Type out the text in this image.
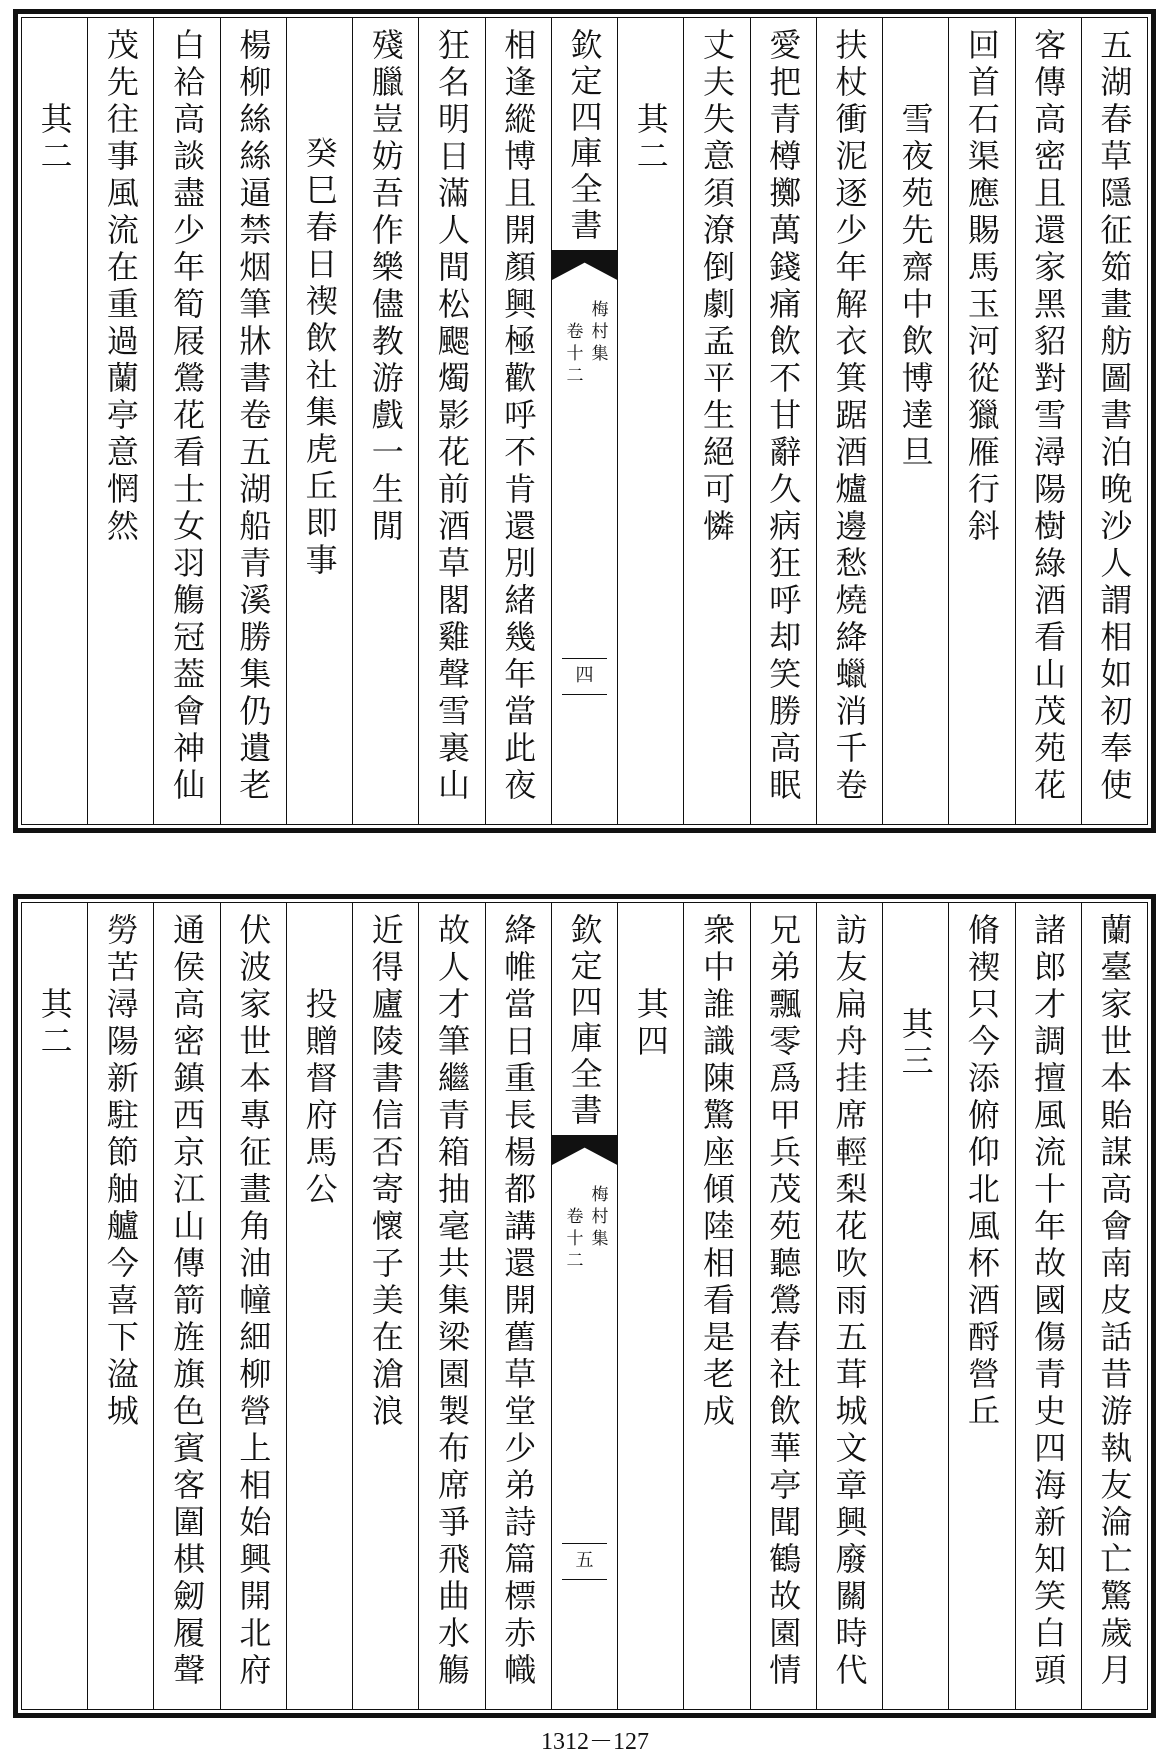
五湖春草隱征筎畫舫圖書泊晚沙人謂相如初奉使
客傳高密且還家黑貂對雪潯陽樹綠酒看山茂苑花
回首石渠應賜馬玉河從獵雁行斜
雪夜苑先齋中飲博達旦
扶杖衝泥逐少年解衣箕踞酒爐邊愁燒絳蠟消千卷
愛把青樽擲萬錢痛飲不甘辭久病狂呼却笑勝高眠
丈夫失意須潦倒劇孟平生絕可憐
其二
欽定四庫全書
梅村集
卷十二
四
相逢縱博且開顏興極歡呼不肯還別緒幾年當此夜
狂名明日滿人間松颸燭影花前酒草閣雞聲雪裏山
殘臘豈妨吾作樂儘教游戲一生閒
癸巳春日禊飲社集虎丘即事
楊柳絲絲逼禁烟筆牀書卷五湖船青溪勝集仍遺老
白袷高談盡少年筍屐鶯花看士女羽觴冠葢會神仙
茂先往事風流在重過蘭亭意惘然
其二
蘭臺家世本貽謀高會南皮話昔游執友淪亡驚歲月
諸郎才調擅風流十年故國傷青史四海新知笑白頭
脩禊只今添俯仰北風杯酒酹營丘
其三
訪友扁舟挂席輕梨花吹雨五茸城文章興廢關時代
兄弟飄零爲甲兵茂苑聽鶯春社飲華亭聞鶴故園情
衆中誰識陳驚座傾陸相看是老成
其四
欽定四庫全書
梅村集
卷十二
五
絳帷當日重長楊都講還開舊草堂少弟詩篇標赤幟
故人才筆繼青箱抽毫共集梁園製布席爭飛曲水觴
近得廬陵書信否寄懷子美在滄浪
投贈督府馬公
伏波家世本專征畫角油幢細柳營上相始興開北府
通侯高密鎮西京江山傳箭旌旗色賓客圍棋劒履聲
勞苦潯陽新駐節舳艫今喜下湓城
其二
1312－127
